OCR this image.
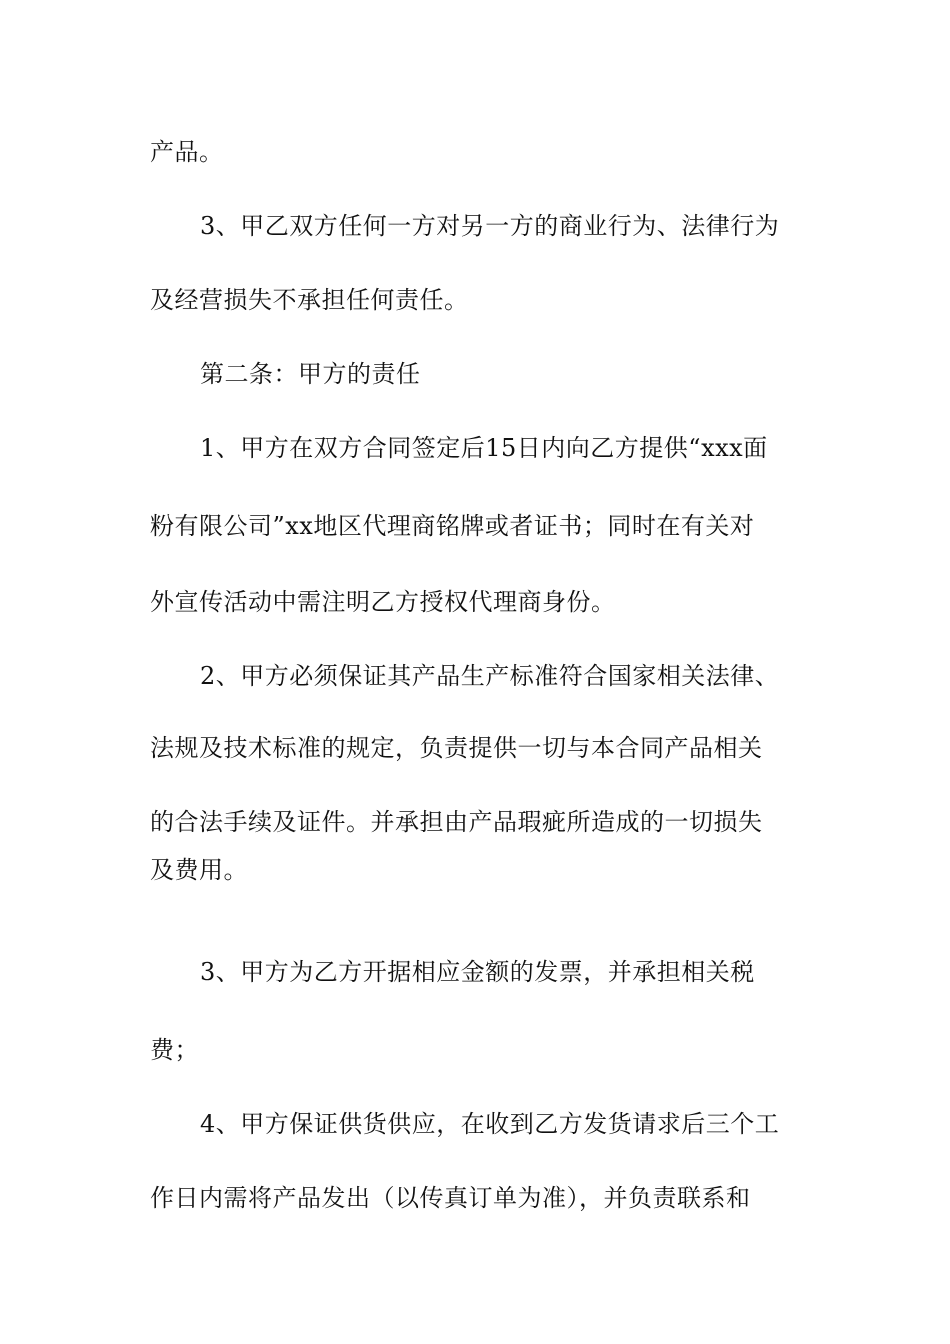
产品。
3、甲乙双方任何一方对另一方的商业行为、法律行为
及经营损失不承担任何责任。
第二条：甲方的责任
1、甲方在双方合同签定后15日内向乙方提供“xxx面
粉有限公司”xx地区代理商铭牌或者证书；同时在有关对
外宣传活动中需注明乙方授权代理商身份。
2、甲方必须保证其产品生产标准符合国家相关法律、
法规及技术标准的规定，负责提供一切与本合同产品相关
的合法手续及证件。并承担由产品瑕疵所造成的一切损失
及费用。
3、甲方为乙方开据相应金额的发票，并承担相关税
费；
4、甲方保证供货供应，在收到乙方发货请求后三个工
作日内需将产品发出（以传真订单为准），并负责联系和
